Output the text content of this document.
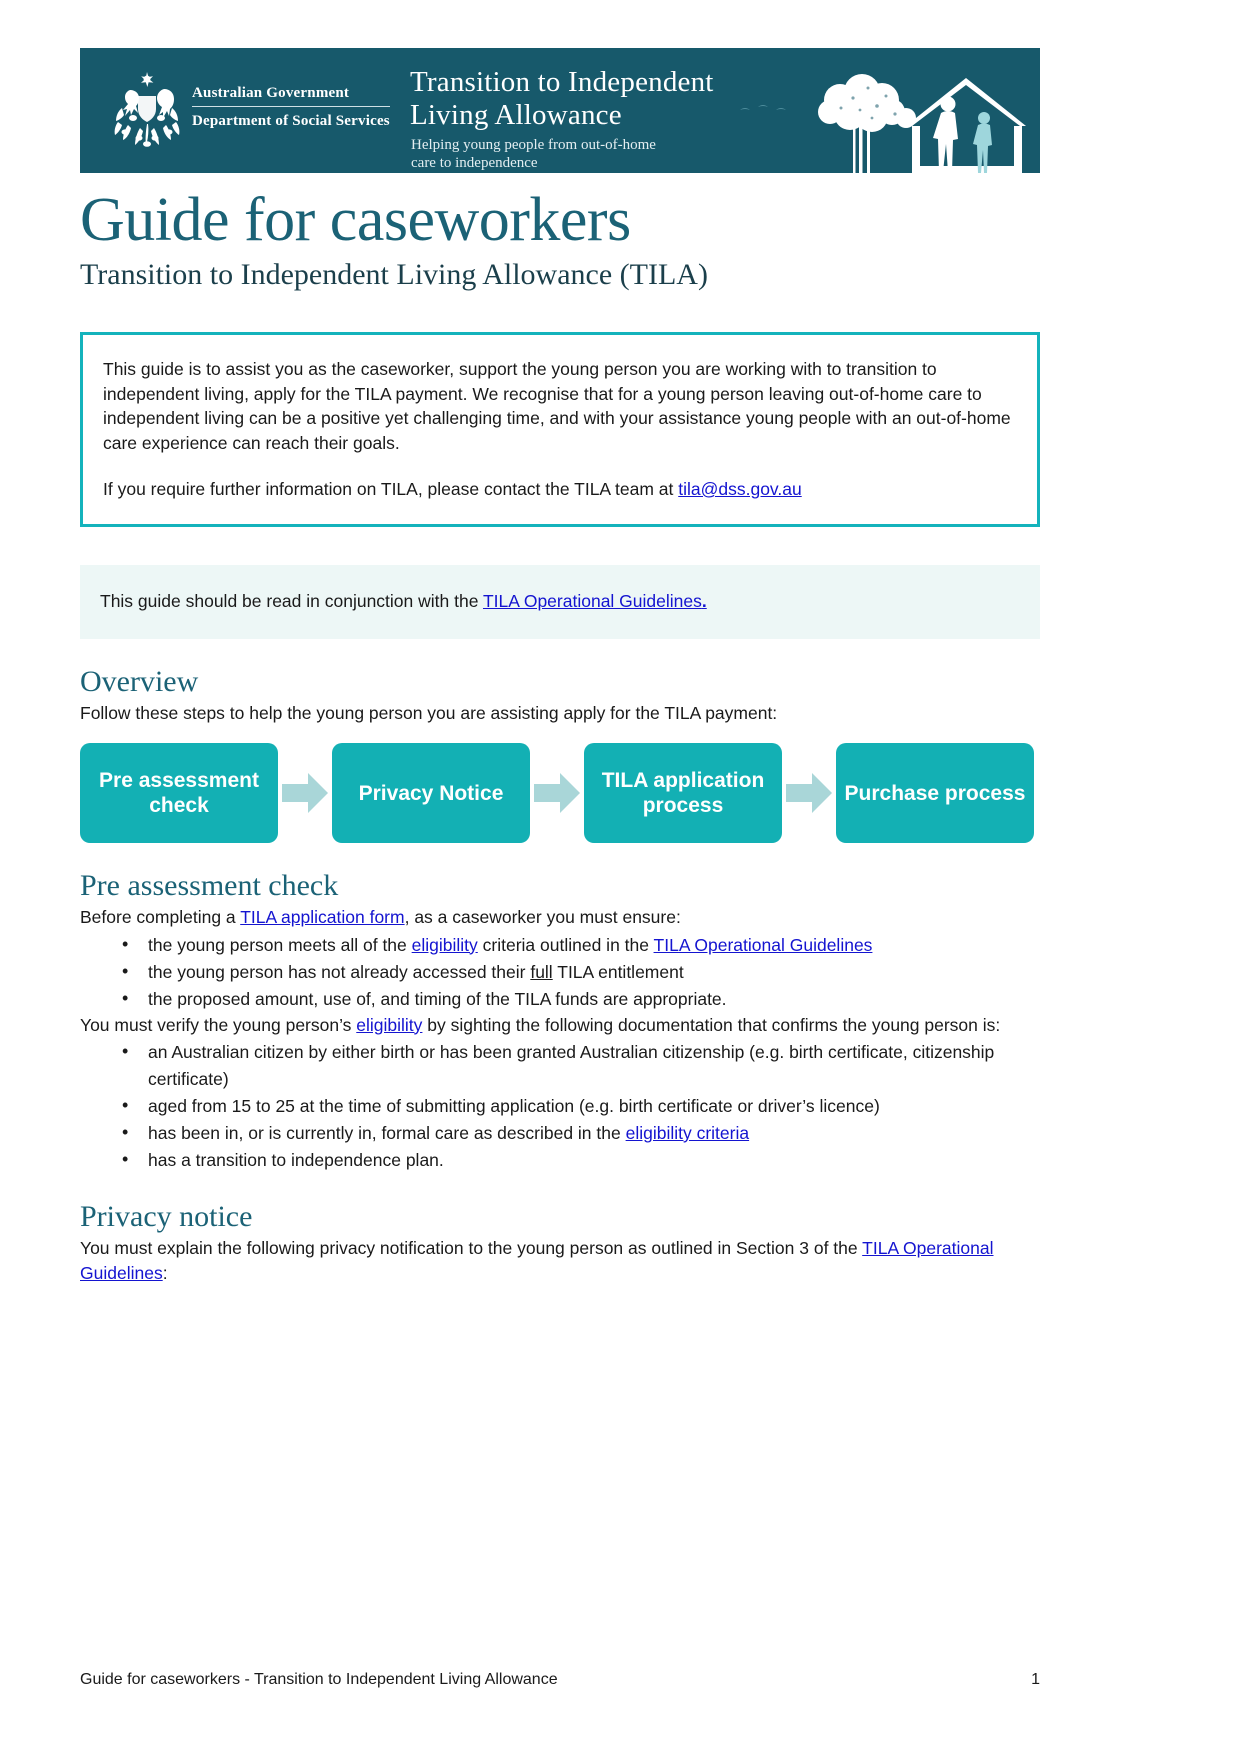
Australian Government
Department of Social Services
Transition to Independent
Living Allowance
Helping young people from out-of-home
care to independence
Guide for caseworkers
Transition to Independent Living Allowance (TILA)

This guide is to assist you as the caseworker, support the young person you are working with to transition to independent living, apply for the TILA payment. We recognise that for a young person leaving out-of-home care to independent living can be a positive yet challenging time, and with your assistance young people with an out-of-home care experience can reach their goals.

If you require further information on TILA, please contact the TILA team at tila@dss.gov.au

This guide should be read in conjunction with the TILA Operational Guidelines.

Overview

Follow these steps to help the young person you are assisting apply for the TILA payment:

Pre assessment check
Privacy Notice
TILA application process
Purchase process
Pre assessment check

Before completing a TILA application form, as a caseworker you must ensure:

• the young person meets all of the eligibility criteria outlined in the TILA Operational Guidelines
• the young person has not already accessed their full TILA entitlement
• the proposed amount, use of, and timing of the TILA funds are appropriate.

You must verify the young person’s eligibility by sighting the following documentation that confirms the young person is:

• an Australian citizen by either birth or has been granted Australian citizenship (e.g. birth certificate, citizenship certificate)
• aged from 15 to 25 at the time of submitting application (e.g. birth certificate or driver’s licence)
• has been in, or is currently in, formal care as described in the eligibility criteria
• has a transition to independence plan.
Privacy notice

You must explain the following privacy notification to the young person as outlined in Section 3 of the TILA Operational Guidelines:

Guide for caseworkers - Transition to Independent Living Allowance	1
